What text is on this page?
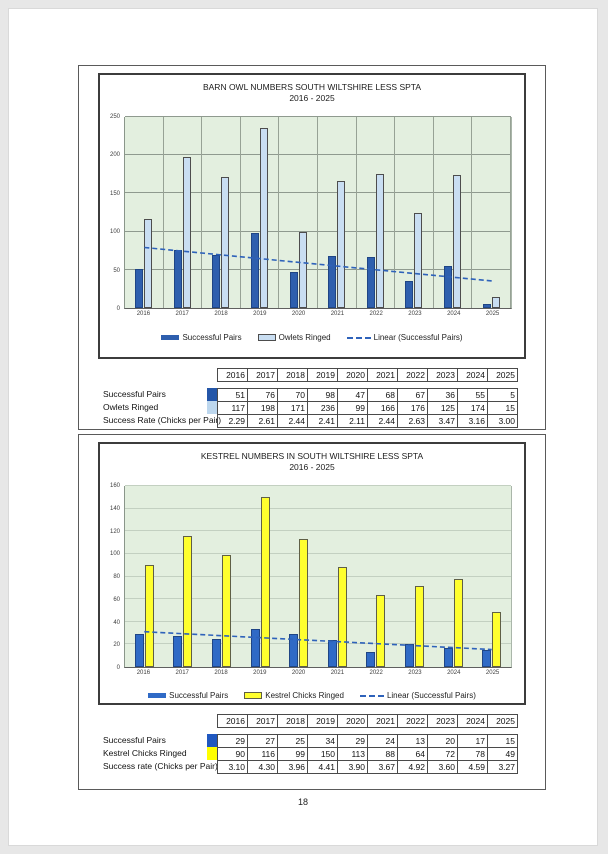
BARN OWL NUMBERS SOUTH WILTSHIRE LESS SPTA
2016 - 2025
0
50
100
150
200
250
2016	2017	2018	2019	2020	2021	2022	2023	2024	2025
Successful Pairs	Owlets Ringed	Linear (Successful Pairs)
2016	2017	2018	2019	2020	2021	2022	2023	2024	2025
Successful Pairs	51	76	70	98	47	68	67	36	55	5
Owlets Ringed	117	198	171	236	99	166	176	125	174	15
Success Rate (Chicks per Pair) 2.29	2.61	2.44	2.41	2.11	2.44	2.63	3.47	3.16	3.00
KESTREL NUMBERS IN SOUTH WILTSHIRE LESS SPTA
2016 - 2025
0
20
40
60
80
100
120
140
160
2016	2017	2018	2019	2020	2021	2022	2023	2024	2025
Successful Pairs	Kestrel Chicks Ringed	Linear (Successful Pairs)
2016	2017	2018	2019	2020	2021	2022	2023	2024	2025
Successful Pairs	29	27	25	34	29	24	13	20	17	15
Kestrel Chicks Ringed	90	116	99	150	113	88	64	72	78	49
Success rate (Chicks per Pair)	3.10	4.30	3.96	4.41	3.90	3.67	4.92	3.60	4.59	3.27
18
